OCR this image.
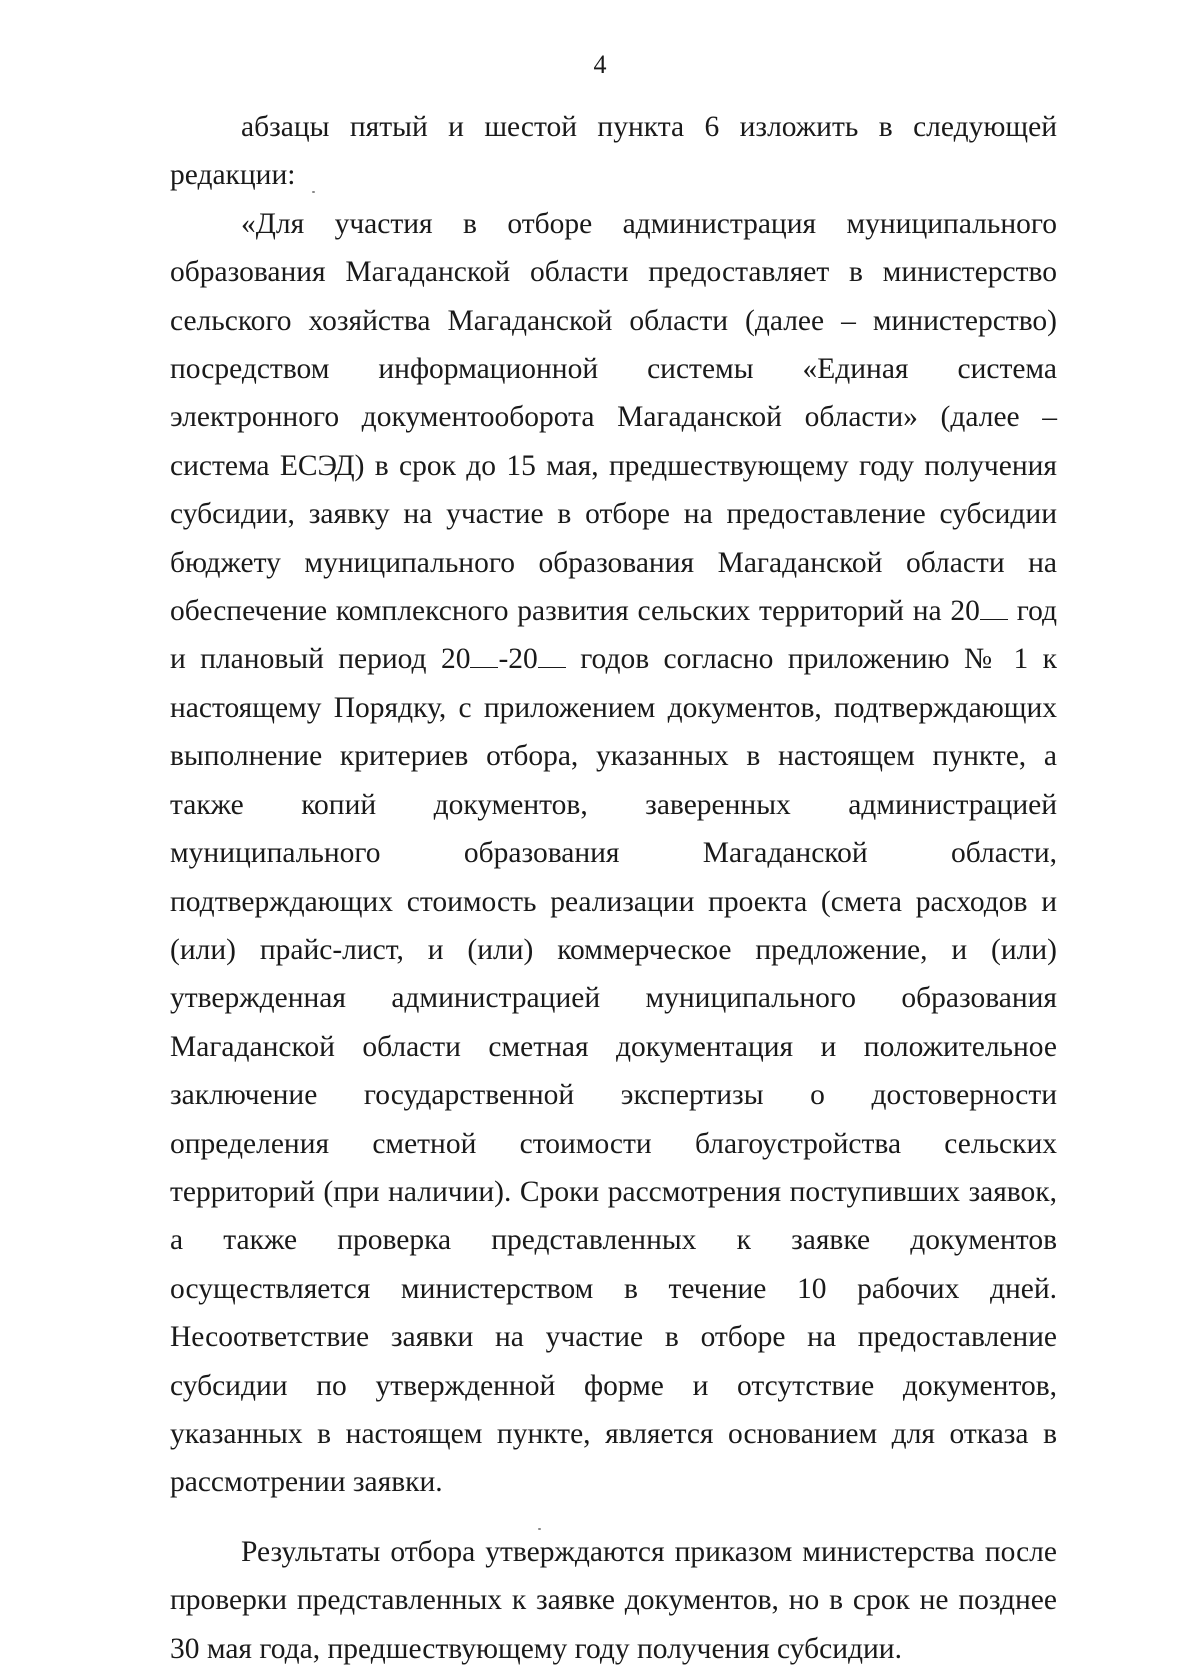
4

абзацы пятый и шестой пункта 6 изложить в следующей редакции:

«Для участия в отборе администрация муниципального образования Магаданской области предоставляет в министерство сельского хозяйства Магаданской области (далее – министерство) посредством информационной системы «Единая система электронного документооборота Магаданской области» (далее – система ЕСЭД) в срок до 15 мая, предшествующему году получения субсидии, заявку на участие в отборе на предоставление субсидии бюджету муниципального образования Магаданской области на обеспечение комплексного развития сельских территорий на 20 год и плановый период 20 -20 годов согласно приложению № 1 к настоящему Порядку, с приложением документов, подтверждающих выполнение критериев отбора, указанных в настоящем пункте, а также копий документов, заверенных администрацией муниципального образования Магаданской области, подтверждающих стоимость реализации проекта (смета расходов и (или) прайс-лист, и (или) коммерческое предложение, и (или) утвержденная администрацией муниципального образования Магаданской области сметная документация и положительное заключение государственной экспертизы о достоверности определения сметной стоимости благоустройства сельских территорий (при наличии). Сроки рассмотрения поступивших заявок, а также проверка представленных к заявке документов осуществляется министерством в течение 10 рабочих дней. Несоответствие заявки на участие в отборе на предоставление субсидии по утвержденной форме и отсутствие документов, указанных в настоящем пункте, является основанием для отказа в рассмотрении заявки.

Результаты отбора утверждаются приказом министерства после проверки представленных к заявке документов, но в срок не позднее 30 мая года, предшествующему году получения субсидии.
